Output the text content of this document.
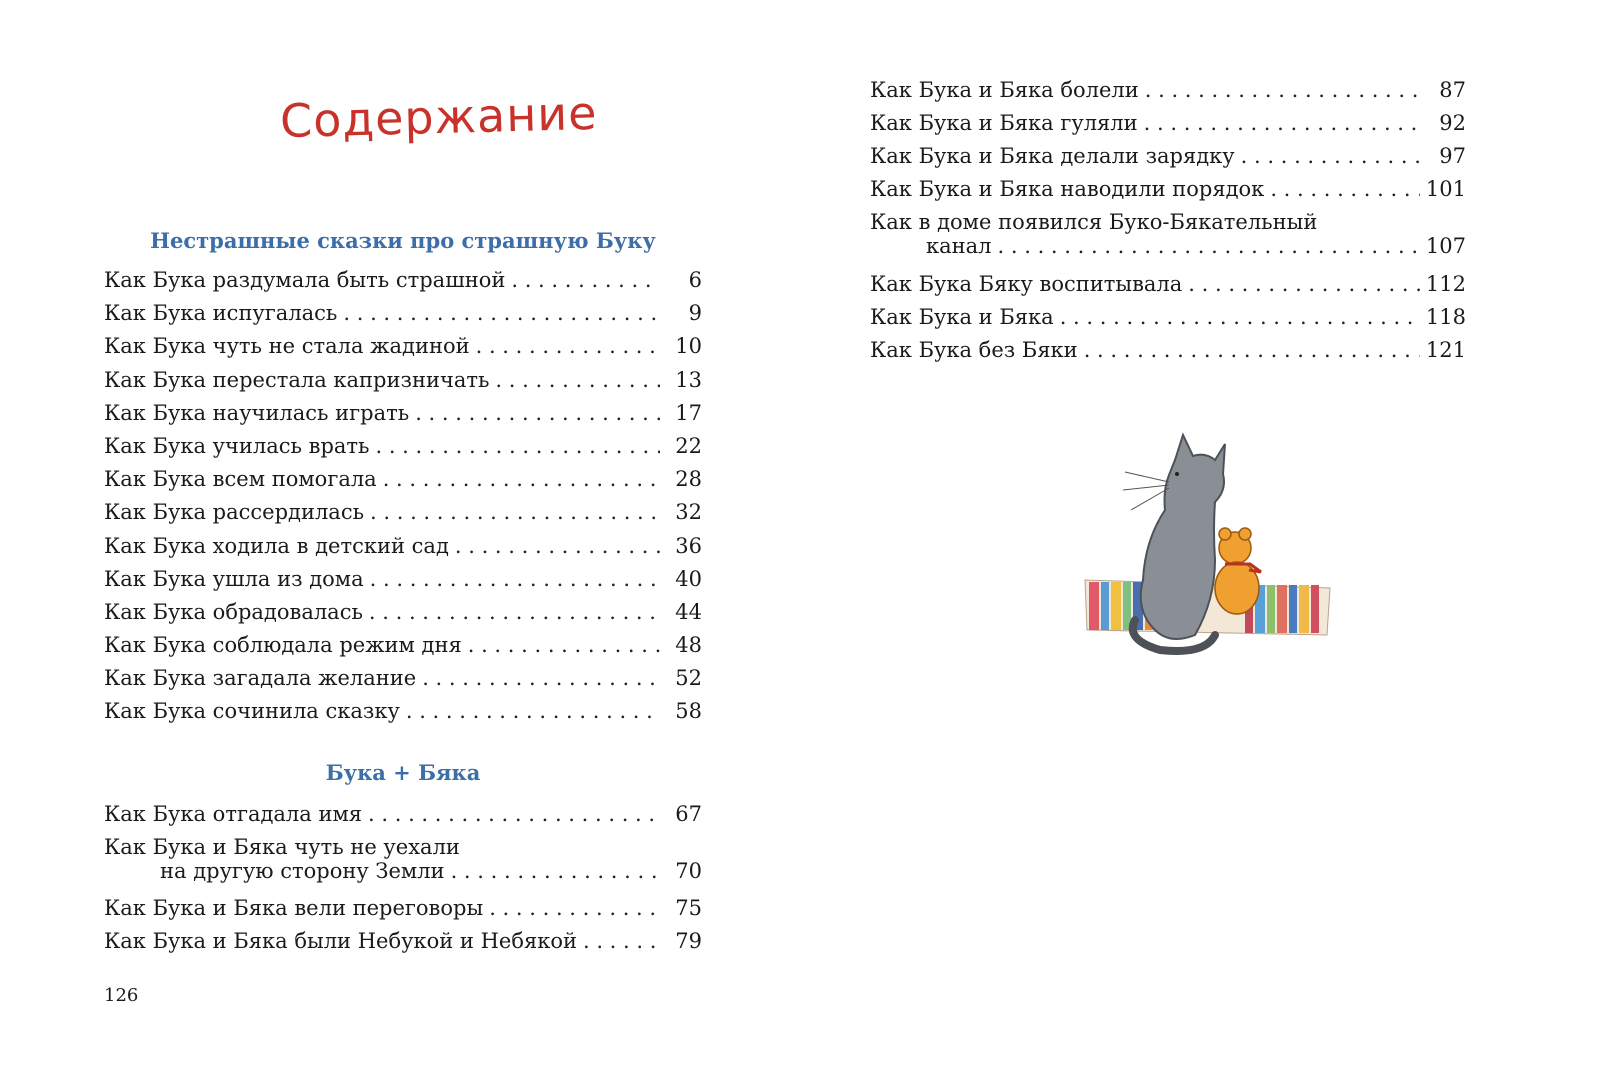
Содержание
Нестрашные сказки про страшную Буку
Как Бука раздумала быть страшной . . .	6
Как Бука испугалась . . .	9
Как Бука чуть не стала жадиной . . .	10
Как Бука перестала капризничать . . .	13
Как Бука научилась играть . . .	17
Как Бука училась врать . . .	22
Как Бука всем помогала . . .	28
Как Бука рассердилась . . .	32
Как Бука ходила в детский сад . . .	36
Как Бука ушла из дома . . .	40
Как Бука обрадовалась . . .	44
Как Бука соблюдала режим дня . . .	48
Как Бука загадала желание . . .	52
Как Бука сочинила сказку . . .	58
Бука + Бяка
Как Бука отгадала имя . . .	67
Как Бука и Бяка чуть не уехали
на другую сторону Земли . . .	70
Как Бука и Бяка вели переговоры . . .	75
Как Бука и Бяка были Небукой и Небякой . . .	79
126
Как Бука и Бяка болели . . .	87
Как Бука и Бяка гуляли . . .	92
Как Бука и Бяка делали зарядку . . .	97
Как Бука и Бяка наводили порядок . . .	101
Как в доме появился Буко-Бякательный
канал . . .	107
Как Бука Бяку воспитывала . . .	112
Как Бука и Бяка . . .	118
Как Бука без Бяки . . .	121
